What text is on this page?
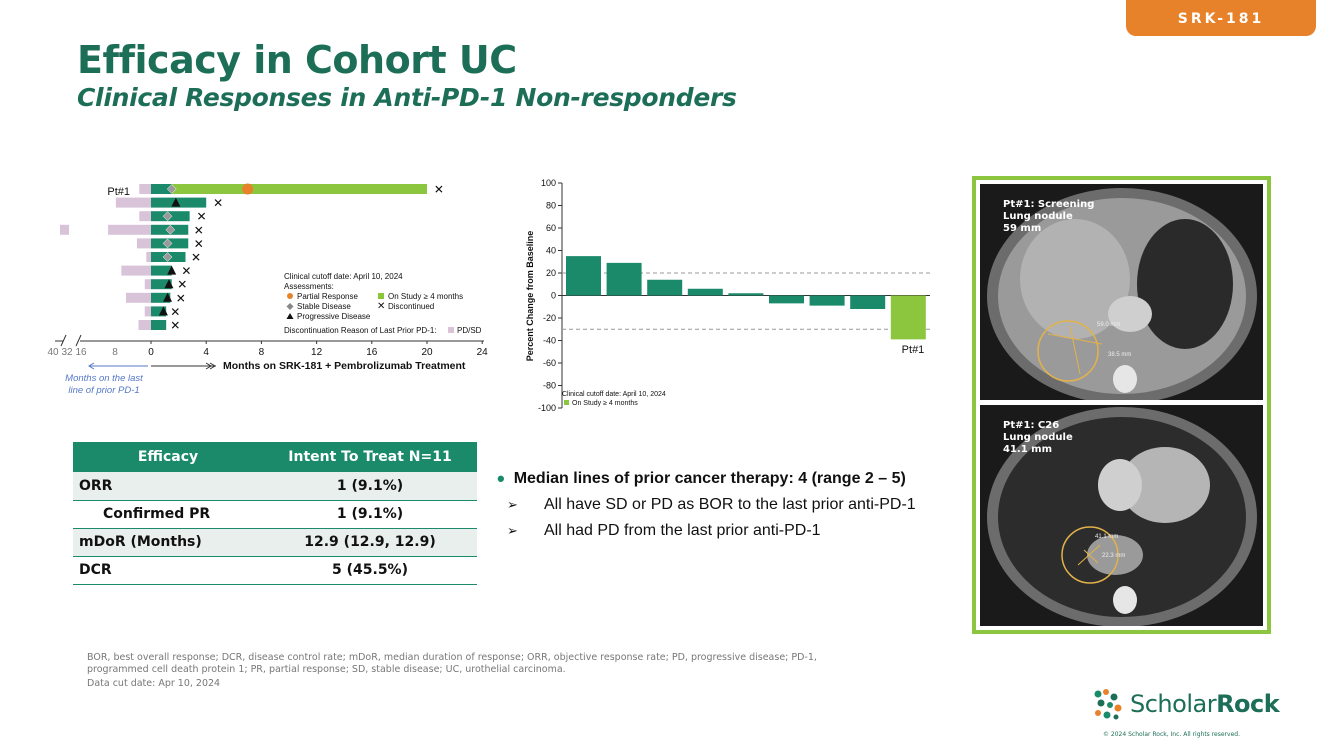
SRK-181
Efficacy in Cohort UC
Clinical Responses in Anti-PD-1 Non-responders
✕
✕
✕
✕
✕
✕
✕
✕
✕
✕
✕
Pt#1
40 32 16	8	0	4	8	12	16	20	24
Clinical cutoff date: April 10, 2024
Assessments:
Partial Response	On Study ≥ 4 months
Stable Disease	✕ Discontinued
Progressive Disease
Discontinuation Reason of Last Prior PD-1:	PD/SD
Months on SRK-181 + Pembrolizumab Treatment
Months on the last
line of prior PD-1
Percent Change from Baseline
100
80
60
40
20
0
-20
-40
-60
-80
-100
Pt#1
Clinical cutoff date: April 10, 2024
On Study ≥ 4 months
Efficacy	Intent To Treat N=11
ORR	1 (9.1%)
Confirmed PR	1 (9.1%)
mDoR (Months)	12.9 (12.9, 12.9)
DCR	5 (45.5%)
• Median lines of prior cancer therapy: 4 (range 2 – 5)
➢	All have SD or PD as BOR to the last prior anti-PD-1
➢	All had PD from the last prior anti-PD-1
59.0 mm
38.5 mm
Pt#1: Screening
Lung nodule
59 mm
41.1 mm
22.3 mm
Pt#1: C26
Lung nodule
41.1 mm
BOR, best overall response; DCR, disease control rate; mDoR, median duration of response; ORR, objective response rate; PD, progressive disease; PD-1, programmed cell death protein 1; PR, partial response; SD, stable disease; UC, urothelial carcinoma.
Data cut date: Apr 10, 2024
ScholarRock
© 2024 Scholar Rock, Inc. All rights reserved.
